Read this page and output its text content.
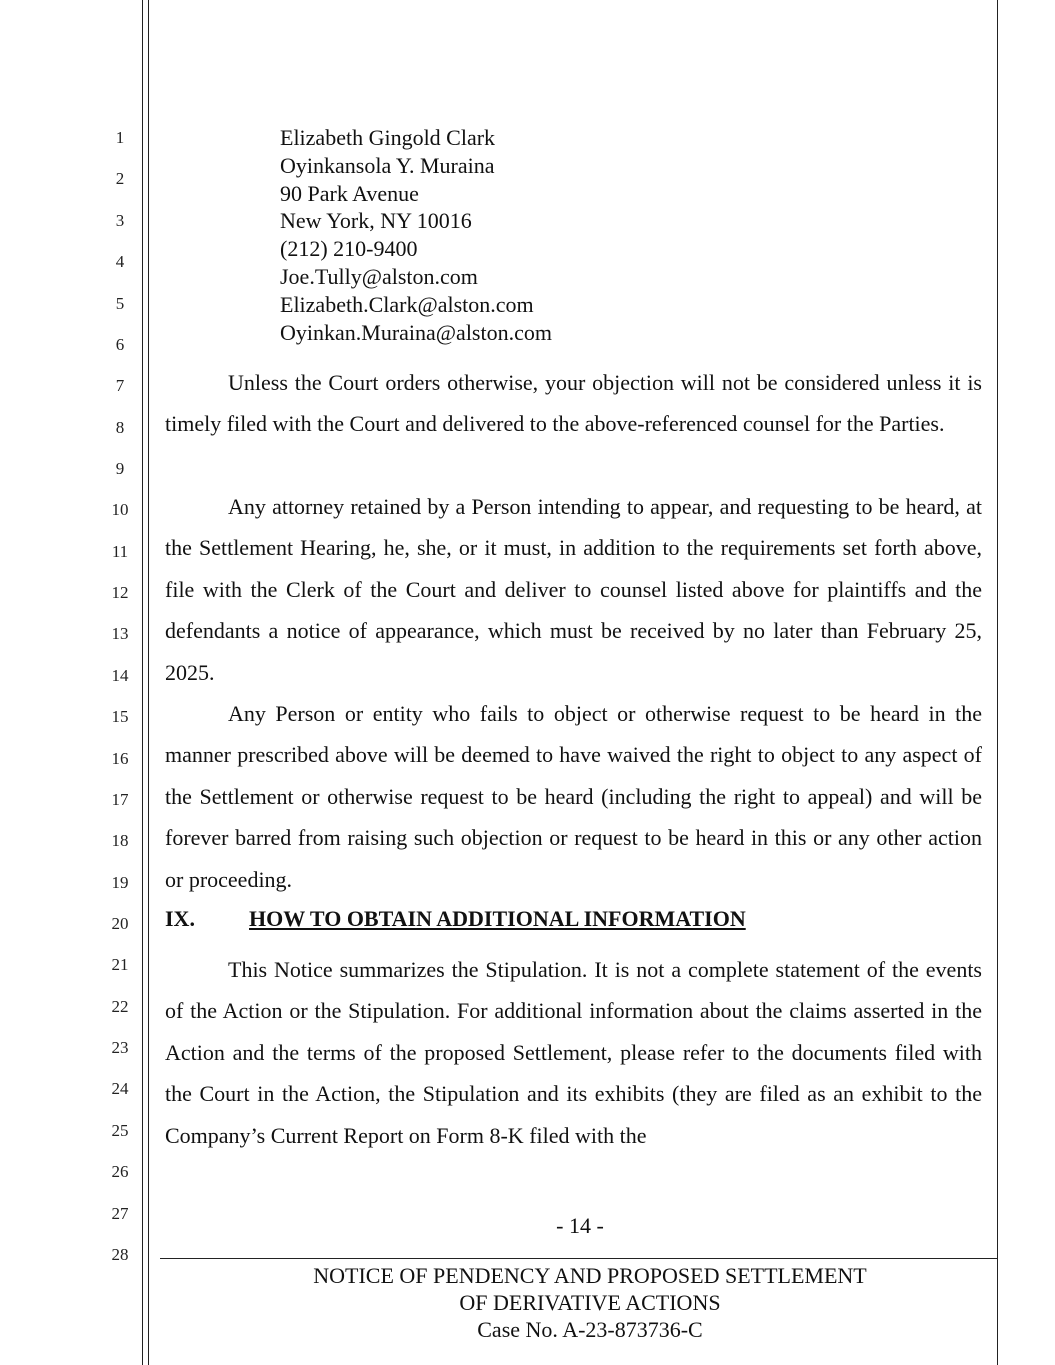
1
2
3
4
5
6
7
8
9
10
11
12
13
14
15
16
17
18
19
20
21
22
23
24
25
26
27
28
Elizabeth Gingold Clark
Oyinkansola Y. Muraina
90 Park Avenue
New York, NY 10016
(212) 210-9400
Joe.Tully@alston.com
Elizabeth.Clark@alston.com
Oyinkan.Muraina@alston.com

Unless the Court orders otherwise, your objection will not be considered unless it is timely filed with the Court and delivered to the above-referenced counsel for the Parties.

Any attorney retained by a Person intending to appear, and requesting to be heard, at the Settlement Hearing, he, she, or it must, in addition to the requirements set forth above, file with the Clerk of the Court and deliver to counsel listed above for plaintiffs and the defendants a notice of appearance, which must be received by no later than February 25, 2025.

Any Person or entity who fails to object or otherwise request to be heard in the manner prescribed above will be deemed to have waived the right to object to any aspect of the Settlement or otherwise request to be heard (including the right to appeal) and will be forever barred from raising such objection or request to be heard in this or any other action or proceeding.

IX. HOW TO OBTAIN ADDITIONAL INFORMATION

This Notice summarizes the Stipulation. It is not a complete statement of the events of the Action or the Stipulation. For additional information about the claims asserted in the Action and the terms of the proposed Settlement, please refer to the documents filed with the Court in the Action, the Stipulation and its exhibits (they are filed as an exhibit to the Company’s Current Report on Form 8-K filed with the

- 14 -
NOTICE OF PENDENCY AND PROPOSED SETTLEMENT
OF DERIVATIVE ACTIONS
Case No. A-23-873736-C
